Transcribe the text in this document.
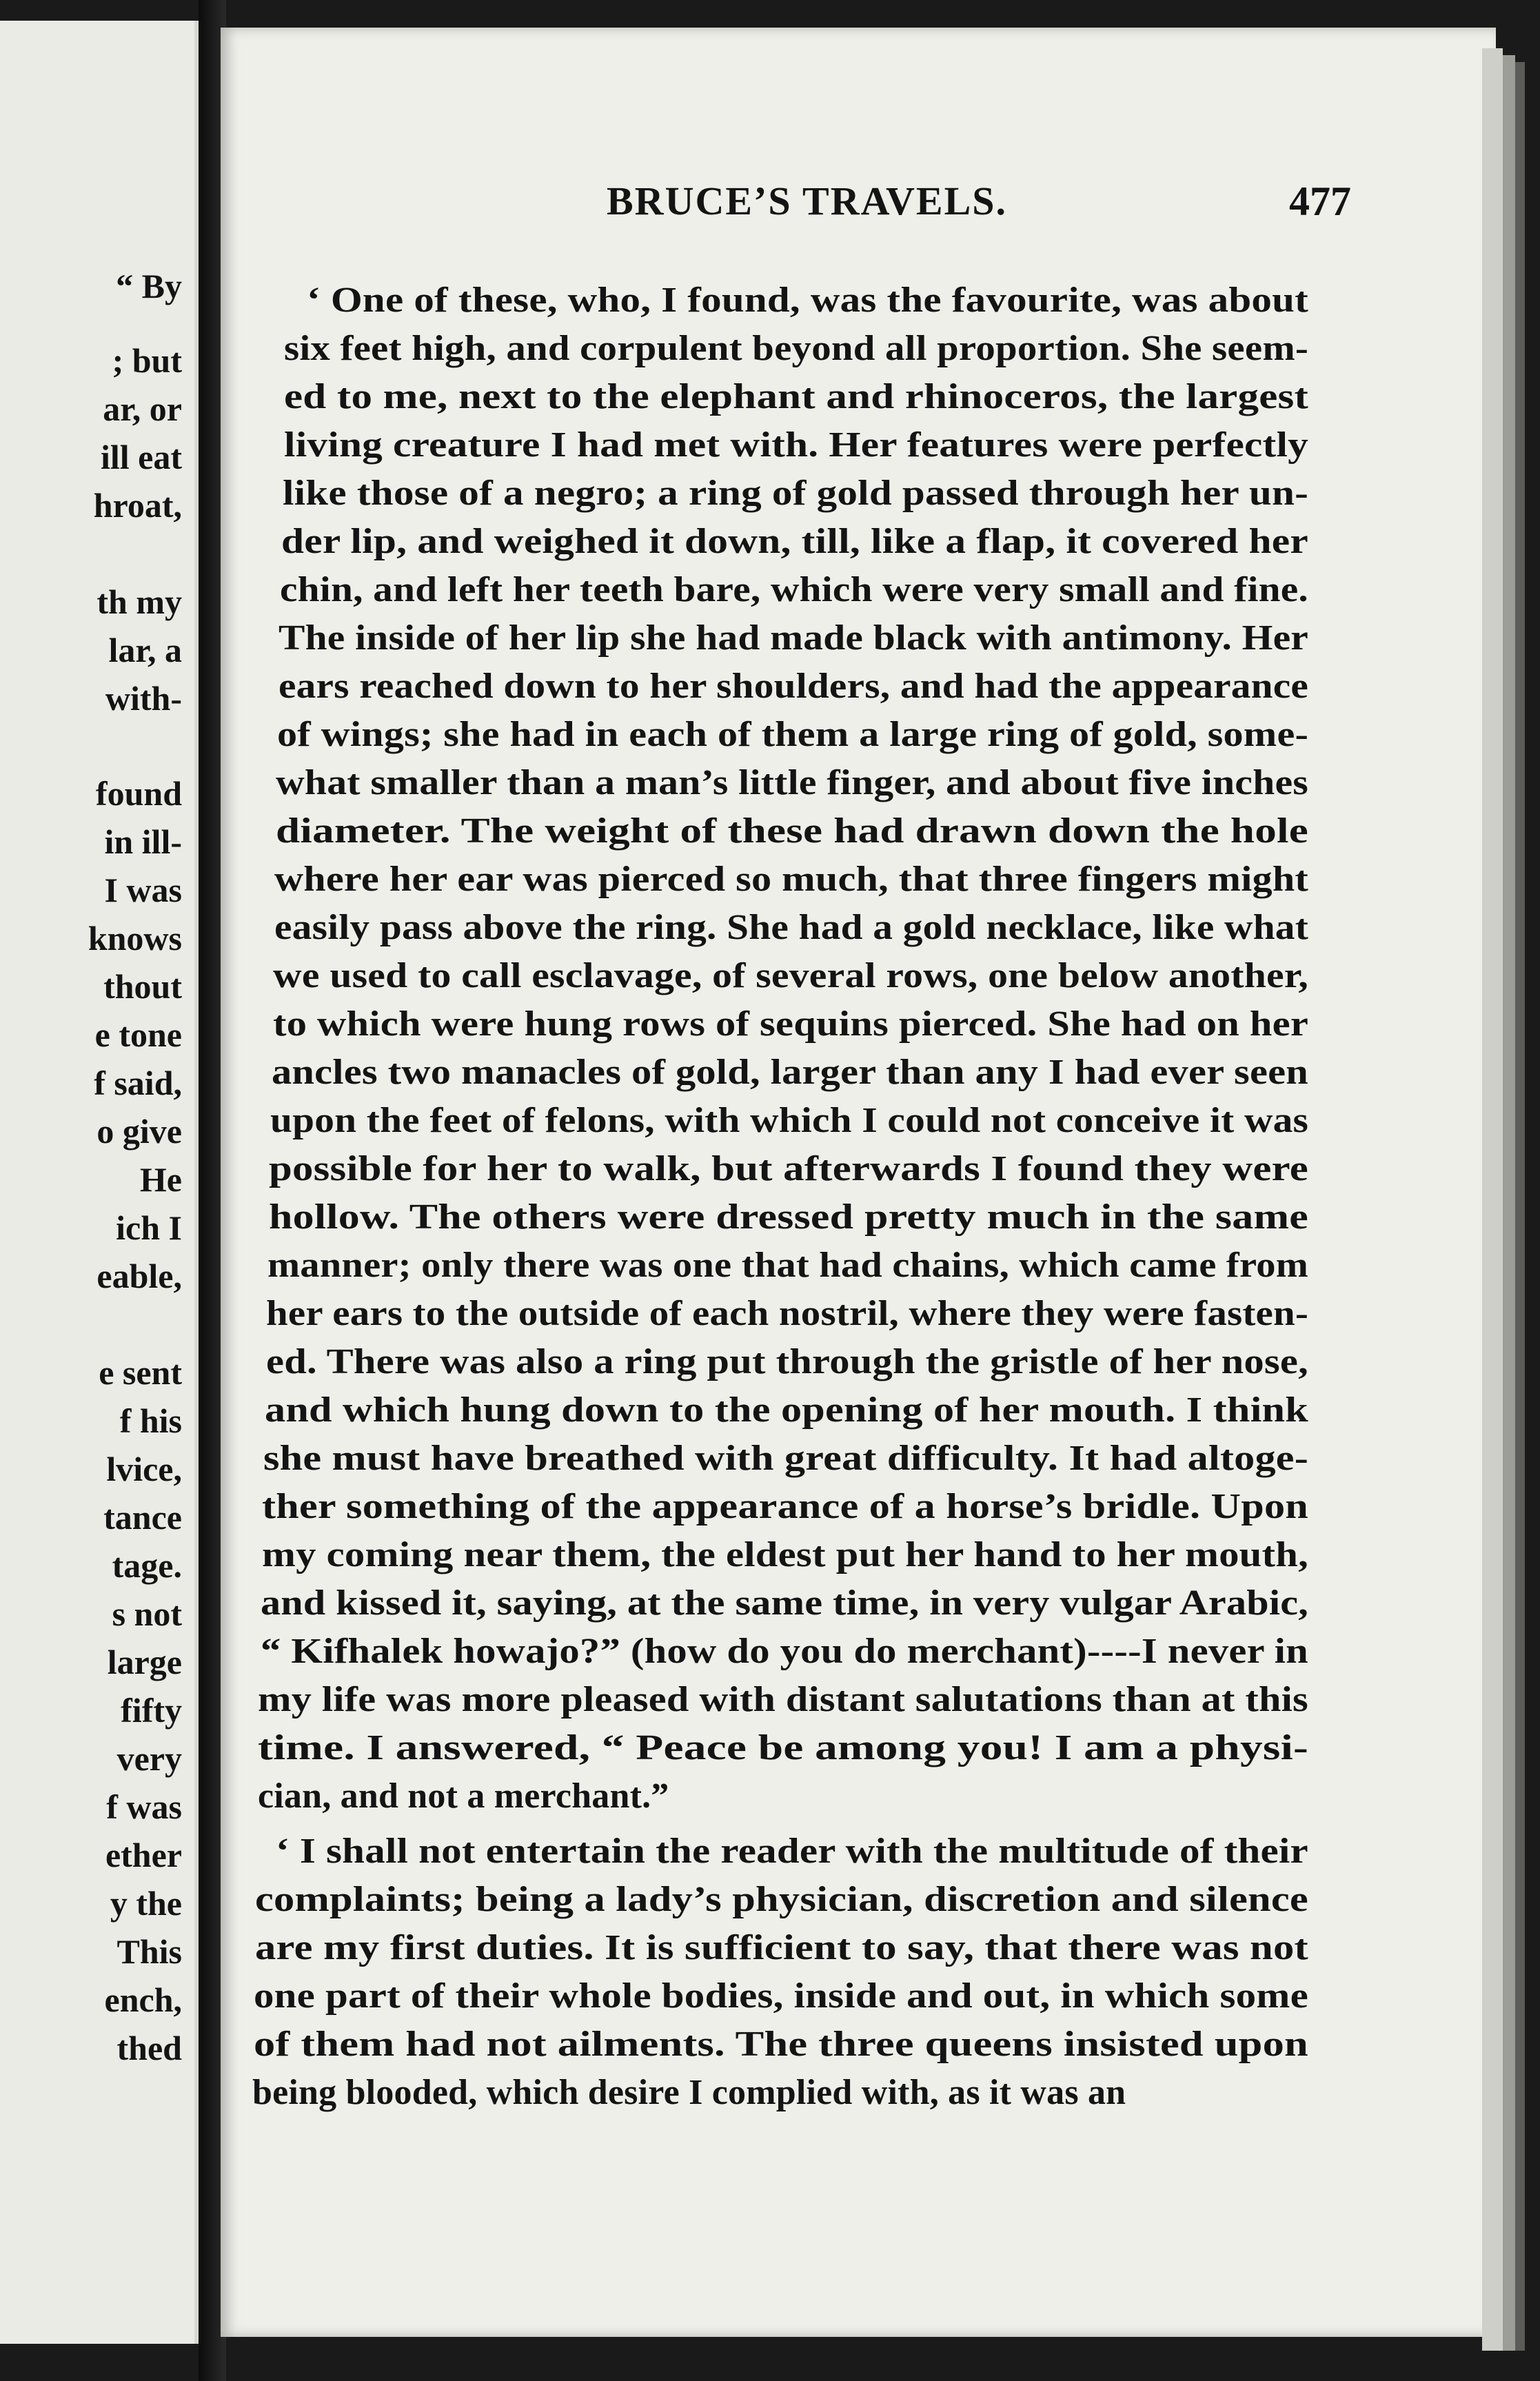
“ By
; but
ar, or
ill eat
hroat,
th my
lar, a
with-
found
in ill-
I was
knows
thout
e tone
f said,
o give
He
ich I
eable,
e sent
f his
lvice,
tance
tage.
s not
large
fifty
very
f was
ether
y the
This
ench,
thed
BRUCE’S TRAVELS.	477
‘ One of these, who, I found, was the favourite, was about
six feet high, and corpulent beyond all proportion. She seem-
ed to me, next to the elephant and rhinoceros, the largest
living creature I had met with. Her features were perfectly
like those of a negro; a ring of gold passed through her un-
der lip, and weighed it down, till, like a flap, it covered her
chin, and left her teeth bare, which were very small and fine.
The inside of her lip she had made black with antimony. Her
ears reached down to her shoulders, and had the appearance
of wings; she had in each of them a large ring of gold, some-
what smaller than a man’s little finger, and about five inches
diameter. The weight of these had drawn down the hole
where her ear was pierced so much, that three fingers might
easily pass above the ring. She had a gold necklace, like what
we used to call esclavage, of several rows, one below another,
to which were hung rows of sequins pierced. She had on her
ancles two manacles of gold, larger than any I had ever seen
upon the feet of felons, with which I could not conceive it was
possible for her to walk, but afterwards I found they were
hollow. The others were dressed pretty much in the same
manner; only there was one that had chains, which came from
her ears to the outside of each nostril, where they were fasten-
ed. There was also a ring put through the gristle of her nose,
and which hung down to the opening of her mouth. I think
she must have breathed with great difficulty. It had altoge-
ther something of the appearance of a horse’s bridle. Upon
my coming near them, the eldest put her hand to her mouth,
and kissed it, saying, at the same time, in very vulgar Arabic,
“ Kifhalek howajo?” (how do you do merchant)----I never in
my life was more pleased with distant salutations than at this
time. I answered, “ Peace be among you! I am a physi-
cian, and not a merchant.”
‘ I shall not entertain the reader with the multitude of their
complaints; being a lady’s physician, discretion and silence
are my first duties. It is sufficient to say, that there was not
one part of their whole bodies, inside and out, in which some
of them had not ailments. The three queens insisted upon
being blooded, which desire I complied with, as it was an
